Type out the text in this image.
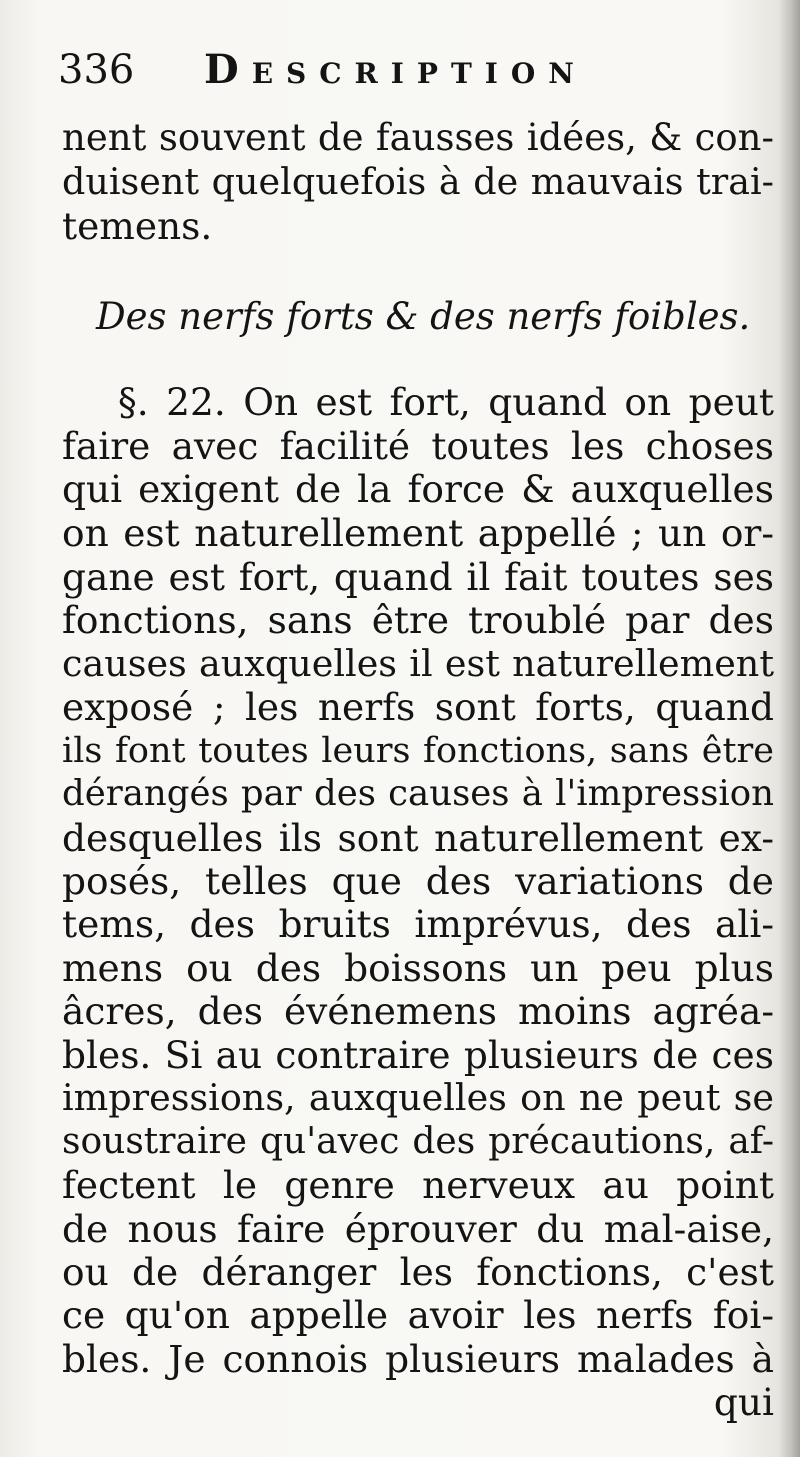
336 Description
nent souvent de fausses idées, & con-
duisent quelquefois à de mauvais trai-
temens.
Des nerfs forts & des nerfs foibles.
§. 22. On est fort, quand on peut
faire avec facilité toutes les choses
qui exigent de la force & auxquelles
on est naturellement appellé ; un or-
gane est fort, quand il fait toutes ses
fonctions, sans être troublé par des
causes auxquelles il est naturellement
exposé ; les nerfs sont forts, quand
ils font toutes leurs fonctions, sans être
dérangés par des causes à l'impression
desquelles ils sont naturellement ex-
posés, telles que des variations de
tems, des bruits imprévus, des ali-
mens ou des boissons un peu plus
âcres, des événemens moins agréa-
bles. Si au contraire plusieurs de ces
impressions, auxquelles on ne peut se
soustraire qu'avec des précautions, af-
fectent le genre nerveux au point
de nous faire éprouver du mal-aise,
ou de déranger les fonctions, c'est
ce qu'on appelle avoir les nerfs foi-
bles. Je connois plusieurs malades à
qui
